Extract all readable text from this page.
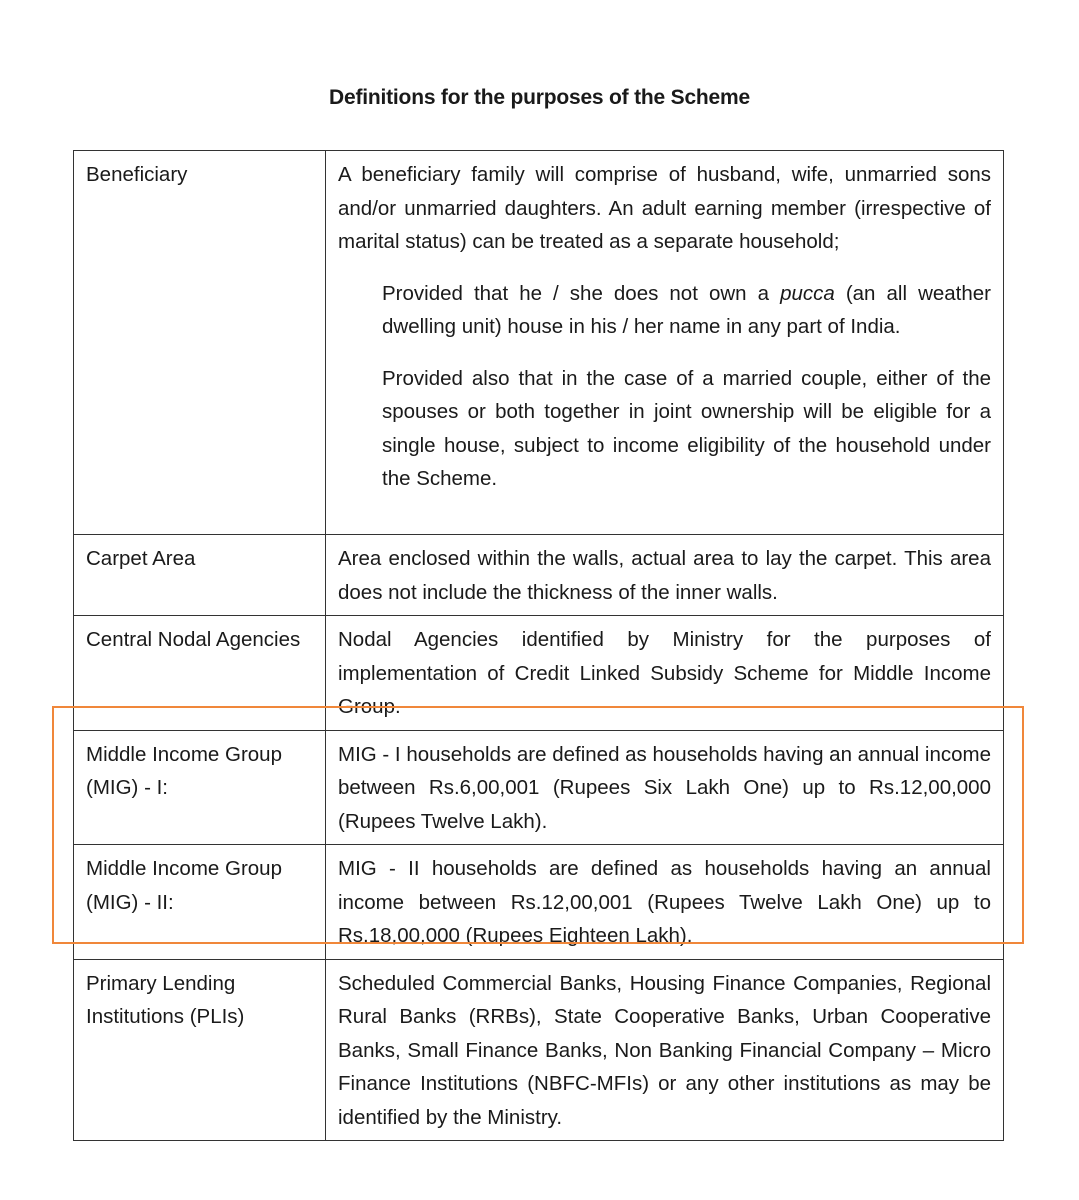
Definitions for the purposes of the Scheme
Beneficiary	A beneficiary family will comprise of husband, wife, unmarried sons and/or unmarried daughters. An adult earning member (irrespective of marital status) can be treated as a separate household;
Provided that he / she does not own a pucca (an all weather dwelling unit) house in his / her name in any part of India.
Provided also that in the case of a married couple, either of the spouses or both together in joint ownership will be eligible for a single house, subject to income eligibility of the household under the Scheme.

Carpet Area	Area enclosed within the walls, actual area to lay the carpet. This area does not include the thickness of the inner walls.

Central Nodal Agencies	Nodal Agencies identified by Ministry for the purposes of implementation of Credit Linked Subsidy Scheme for Middle Income Group.

Middle Income Group (MIG) - I:	MIG - I households are defined as households having an annual income between Rs.6,00,001 (Rupees Six Lakh One) up to Rs.12,00,000 (Rupees Twelve Lakh).

Middle Income Group (MIG) - II:	MIG - II households are defined as households having an annual income between Rs.12,00,001 (Rupees Twelve Lakh One) up to Rs.18,00,000 (Rupees Eighteen Lakh).

Primary Lending Institutions (PLIs)	Scheduled Commercial Banks, Housing Finance Companies, Regional Rural Banks (RRBs), State Cooperative Banks, Urban Cooperative Banks, Small Finance Banks, Non Banking Financial Company – Micro Finance Institutions (NBFC-MFIs) or any other institutions as may be identified by the Ministry.
